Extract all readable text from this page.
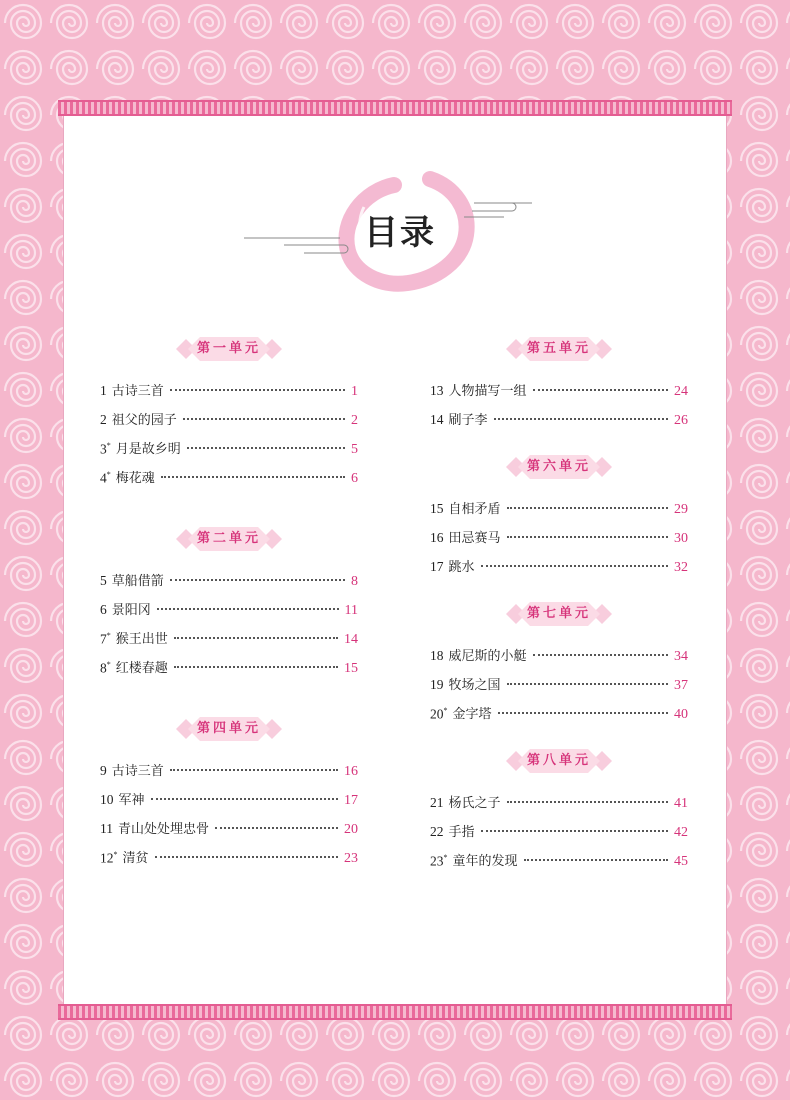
目录
第一单元
1 古诗三首	1
2 祖父的园子	2
3* 月是故乡明	5
4* 梅花魂	6
第二单元
5 草船借箭	8
6 景阳冈	11
7* 猴王出世	14
8* 红楼春趣	15
第四单元
9 古诗三首	16
10 军神	17
11 青山处处埋忠骨	20
12* 清贫	23
第五单元
13 人物描写一组	24
14 刷子李	26
第六单元
15 自相矛盾	29
16 田忌赛马	30
17 跳水	32
第七单元
18 威尼斯的小艇	34
19 牧场之国	37
20* 金字塔	40
第八单元
21 杨氏之子	41
22 手指	42
23* 童年的发现	45
